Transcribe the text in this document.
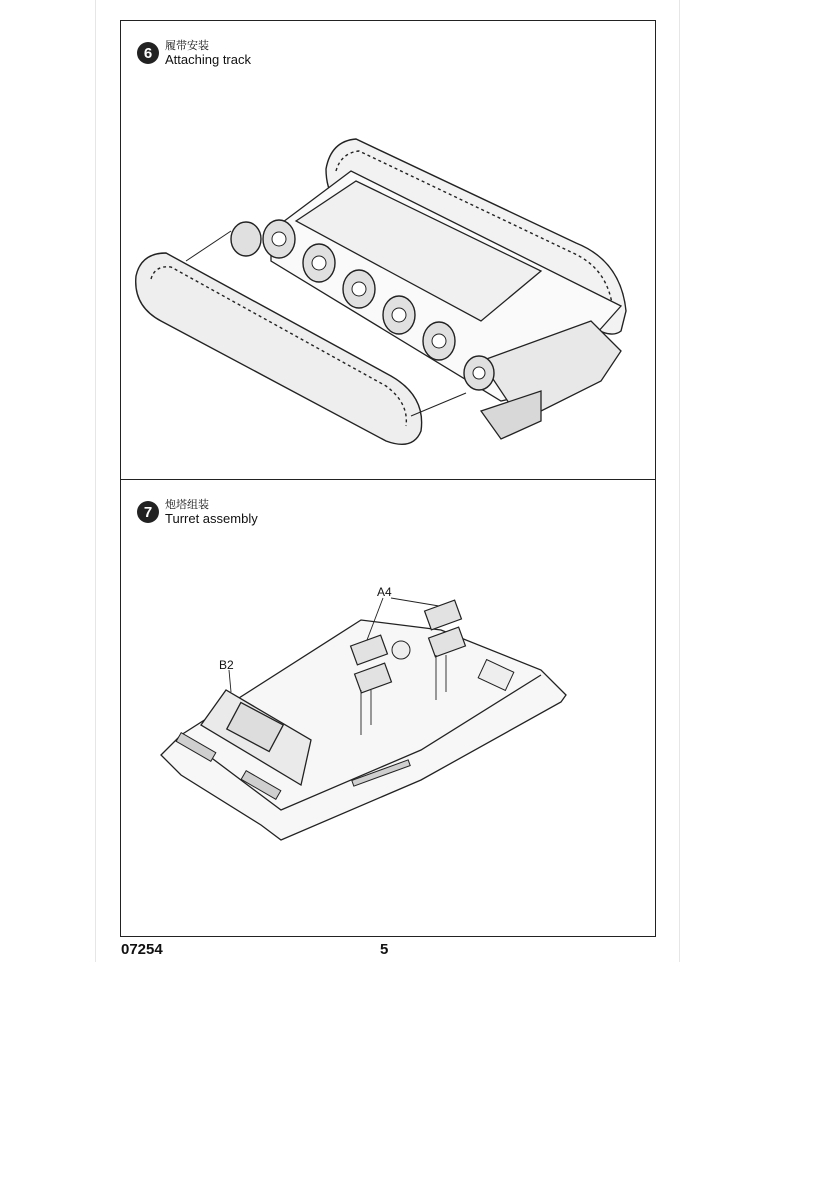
6	履带安装
Attaching track
7	炮塔组装
Turret assembly
A4
B2
07254	5
